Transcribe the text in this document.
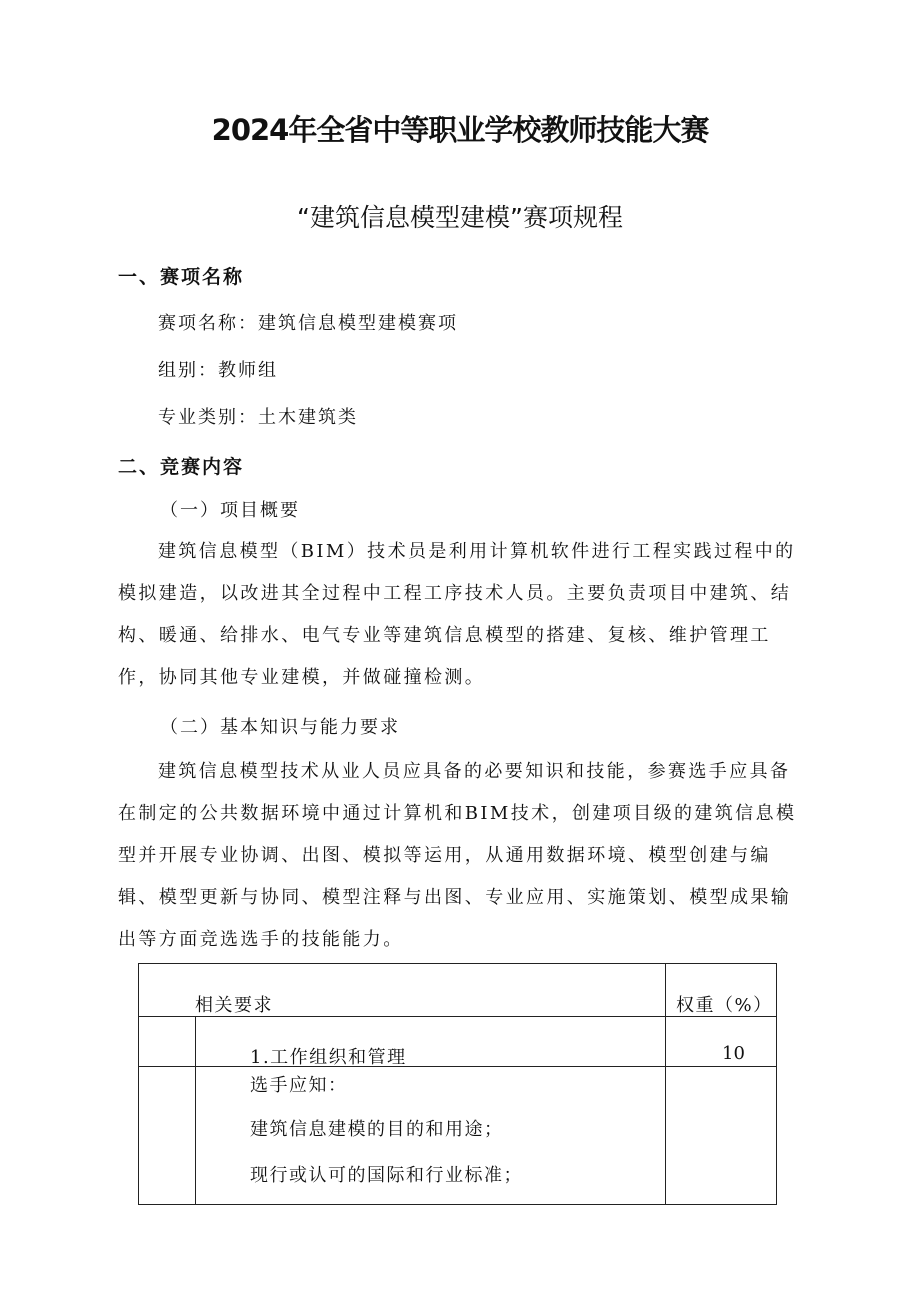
2024年全省中等职业学校教师技能大赛
“建筑信息模型建模”赛项规程
一、赛项名称
赛项名称：建筑信息模型建模赛项
组别：教师组
专业类别：土木建筑类
二、竞赛内容
（一）项目概要
建筑信息模型（BIM）技术员是利用计算机软件进行工程实践过程中的模拟建造，以改进其全过程中工程工序技术人员。主要负责项目中建筑、结构、暖通、给排水、电气专业等建筑信息模型的搭建、复核、维护管理工作，协同其他专业建模，并做碰撞检测。
（二）基本知识与能力要求
建筑信息模型技术从业人员应具备的必要知识和技能，参赛选手应具备在制定的公共数据环境中通过计算机和BIM技术，创建项目级的建筑信息模型并开展专业协调、出图、模拟等运用，从通用数据环境、模型创建与编辑、模型更新与协同、模型注释与出图、专业应用、实施策划、模型成果输出等方面竞选选手的技能能力。
相关要求		权重（%）

	1.工作组织和管理	10

	选手应知：
建筑信息建模的目的和用途；
现行或认可的国际和行业标准；	
